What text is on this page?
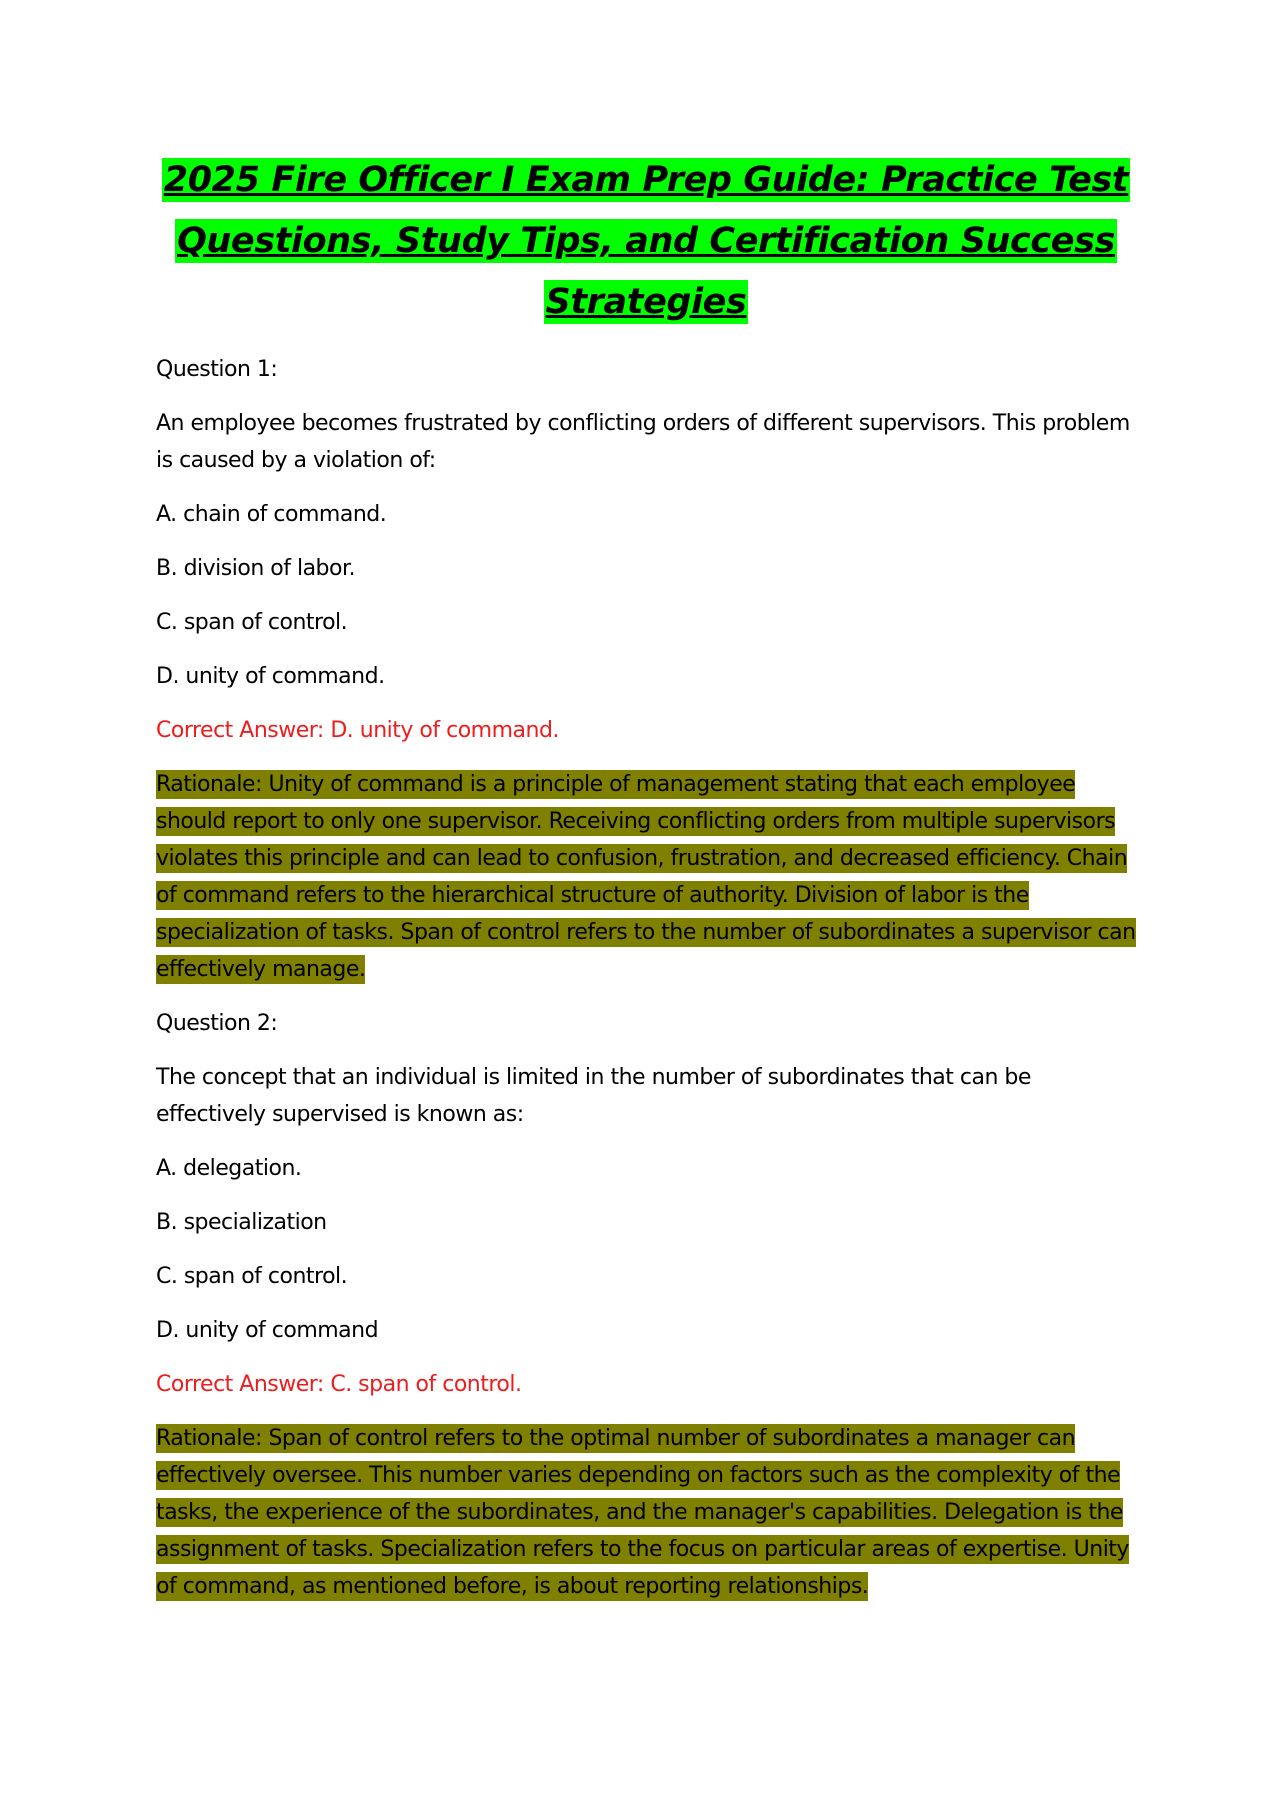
2025 Fire Officer I Exam Prep Guide: Practice Test Questions, Study Tips, and Certification Success Strategies

Question 1:

An employee becomes frustrated by conflicting orders of different supervisors. This problem is caused by a violation of:

A. chain of command.

B. division of labor.

C. span of control.

D. unity of command.

Correct Answer: D. unity of command.

Rationale: Unity of command is a principle of management stating that each employee should report to only one supervisor. Receiving conflicting orders from multiple supervisors violates this principle and can lead to confusion, frustration, and decreased efficiency. Chain of command refers to the hierarchical structure of authority. Division of labor is the specialization of tasks. Span of control refers to the number of subordinates a supervisor can effectively manage.

Question 2:

The concept that an individual is limited in the number of subordinates that can be effectively supervised is known as:

A. delegation.

B. specialization

C. span of control.

D. unity of command

Correct Answer: C. span of control.

Rationale: Span of control refers to the optimal number of subordinates a manager can effectively oversee. This number varies depending on factors such as the complexity of the tasks, the experience of the subordinates, and the manager's capabilities. Delegation is the assignment of tasks. Specialization refers to the focus on particular areas of expertise. Unity of command, as mentioned before, is about reporting relationships.
